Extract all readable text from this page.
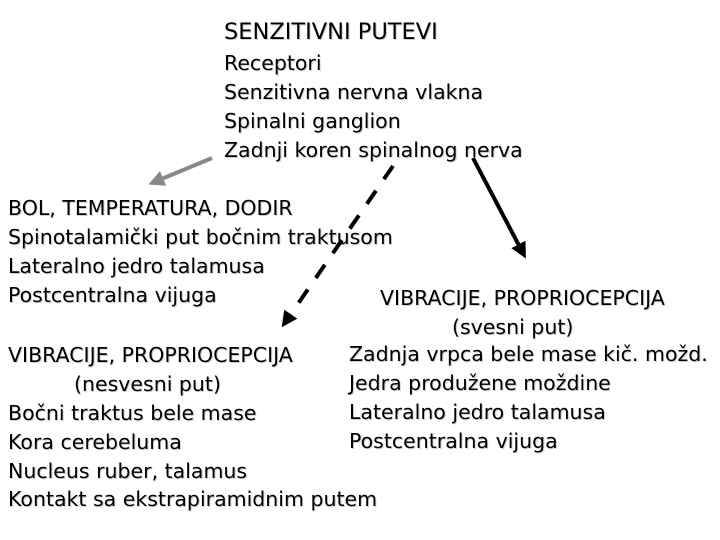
SENZITIVNI PUTEVI

Receptori

Senzitivna nervna vlakna

Spinalni ganglion

Zadnji koren spinalnog nerva

BOL, TEMPERATURA, DODIR

Spinotalamički put bočnim traktusom

Lateralno jedro talamusa

Postcentralna vijuga	VIBRACIJE, PROPRIOCEPCIJA

(svesni put)

Zadnja vrpca bele mase kič. možd.

Jedra produžene moždine

Lateralno jedro talamusa

Postcentralna vijuga

VIBRACIJE, PROPRIOCEPCIJA

(nesvesni put)

Bočni traktus bele mase

Kora cerebeluma

Nucleus ruber, talamus

Kontakt sa ekstrapiramidnim putem
